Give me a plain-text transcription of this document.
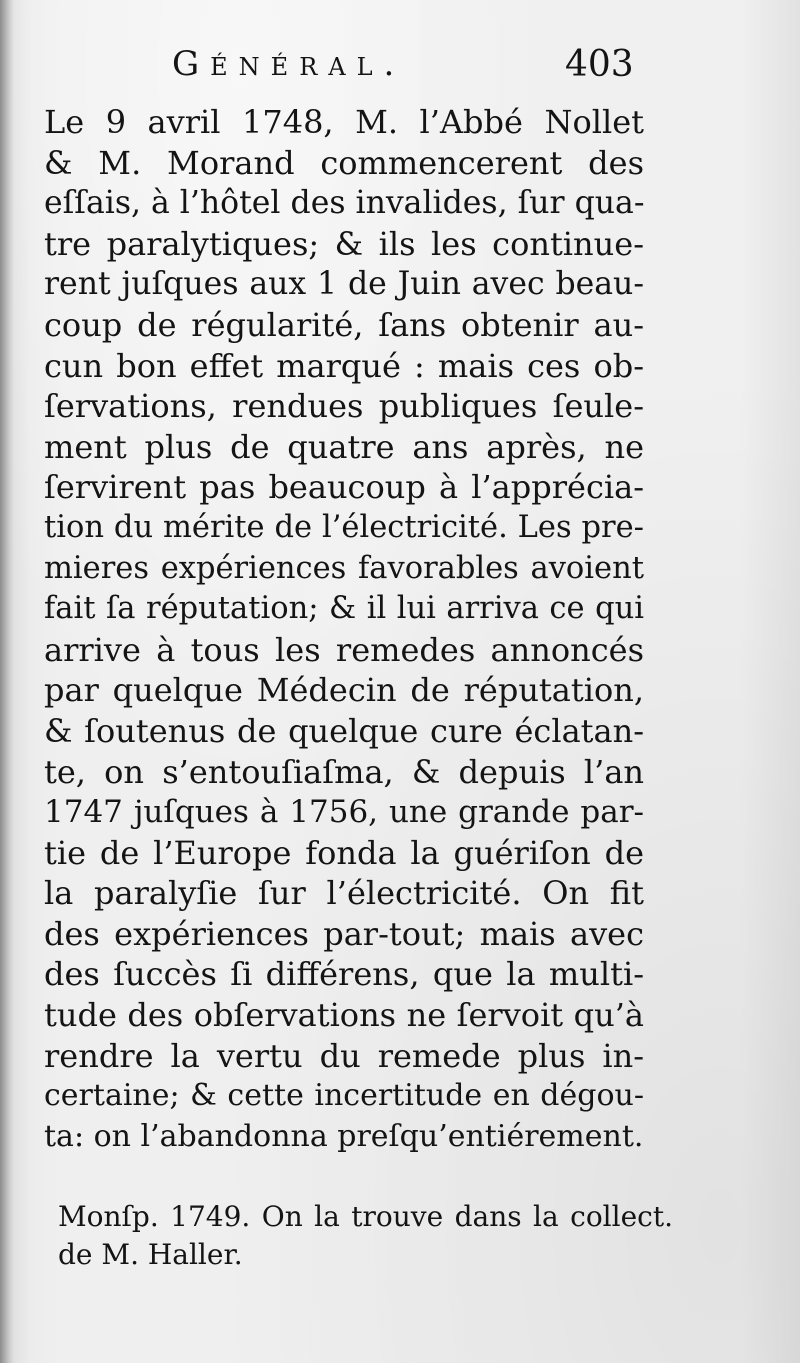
Général.	403
Le 9 avril 1748, M. l’Abbé Nollet
& M. Morand commencerent des
eſſais, à l’hôtel des invalides, ſur qua-
tre paralytiques; & ils les continue-
rent juſques aux 1 de Juin avec beau-
coup de régularité, ſans obtenir au-
cun bon effet marqué : mais ces ob-
ſervations, rendues publiques ſeule-
ment plus de quatre ans après, ne
ſervirent pas beaucoup à l’apprécia-
tion du mérite de l’électricité. Les pre-
mieres expériences favorables avoient
fait ſa réputation; & il lui arriva ce qui
arrive à tous les remedes annoncés
par quelque Médecin de réputation,
& ſoutenus de quelque cure éclatan-
te, on s’entouſiaſma, & depuis l’an
1747 juſques à 1756, une grande par-
tie de l’Europe fonda la guériſon de
la paralyſie ſur l’électricité. On fit
des expériences par-tout; mais avec
des ſuccès ſi différens, que la multi-
tude des obſervations ne ſervoit qu’à
rendre la vertu du remede plus in-
certaine; & cette incertitude en dégou-
ta: on l’abandonna preſqu’entiérement.
Monſp. 1749. On la trouve dans la collect.
de M. Haller.
